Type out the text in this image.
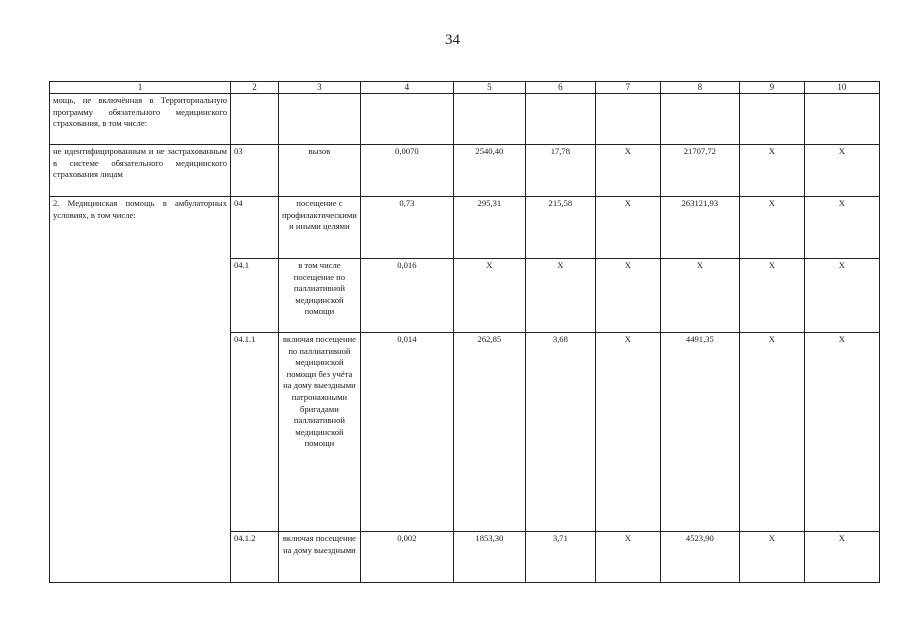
34
1	2	3	4	5	6	7	8	9	10
мощь, не включённая в Территориальную программу обязательного медицинского страхования, в том числе:									
не идентифицированным и не застрахованным в системе обязательного медицинского страхования лицам	03	вызов	0,0070	2540,40	17,78	Х	21707,72	Х	Х
2. Медицинская помощь в амбулаторных условиях, в том числе:	04	посещение с профилактическими и иными целями	0,73	295,31	215,58	Х	263121,93	Х	Х
	04.1	в том числе посещение по паллиативной медицинской помощи	0,016	Х	Х	Х	Х	Х	Х
	04.1.1	включая посещение по паллиативной медицинской помощи без учёта на дому выездными патронажными бригадами паллиативной медицинской помощи	0,014	262,85	3,68	Х	4491,35	Х	Х
	04.1.2	включая посещение на дому выездными	0,002	1853,30	3,71	Х	4523,90	Х	Х
